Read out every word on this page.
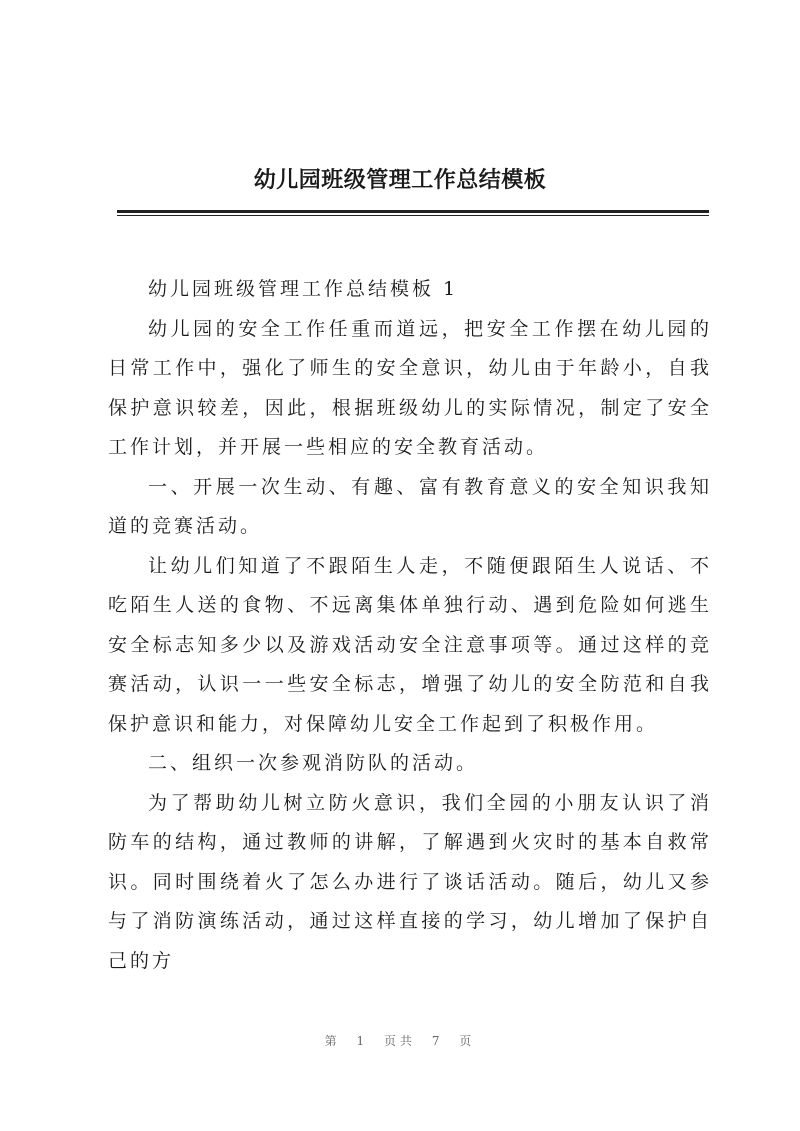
幼儿园班级管理工作总结模板

幼儿园班级管理工作总结模板 1

幼儿园的安全工作任重而道远，把安全工作摆在幼儿园的日常工作中，强化了师生的安全意识，幼儿由于年龄小，自我保护意识较差，因此，根据班级幼儿的实际情况，制定了安全工作计划，并开展一些相应的安全教育活动。

一、开展一次生动、有趣、富有教育意义的安全知识我知道的竞赛活动。

让幼儿们知道了不跟陌生人走，不随便跟陌生人说话、不吃陌生人送的食物、不远离集体单独行动、遇到危险如何逃生 安全标志知多少以及游戏活动安全注意事项等。通过这样的竞赛活动，认识一一些安全标志，增强了幼儿的安全防范和自我保护意识和能力，对保障幼儿安全工作起到了积极作用。

二、组织一次参观消防队的活动。

为了帮助幼儿树立防火意识，我们全园的小朋友认识了消防车的结构，通过教师的讲解，了解遇到火灾时的基本自救常识。同时围绕着火了怎么办进行了谈话活动。随后，幼儿又参与了消防演练活动，通过这样直接的学习，幼儿增加了保护自己的方

第 1 页共 7 页
